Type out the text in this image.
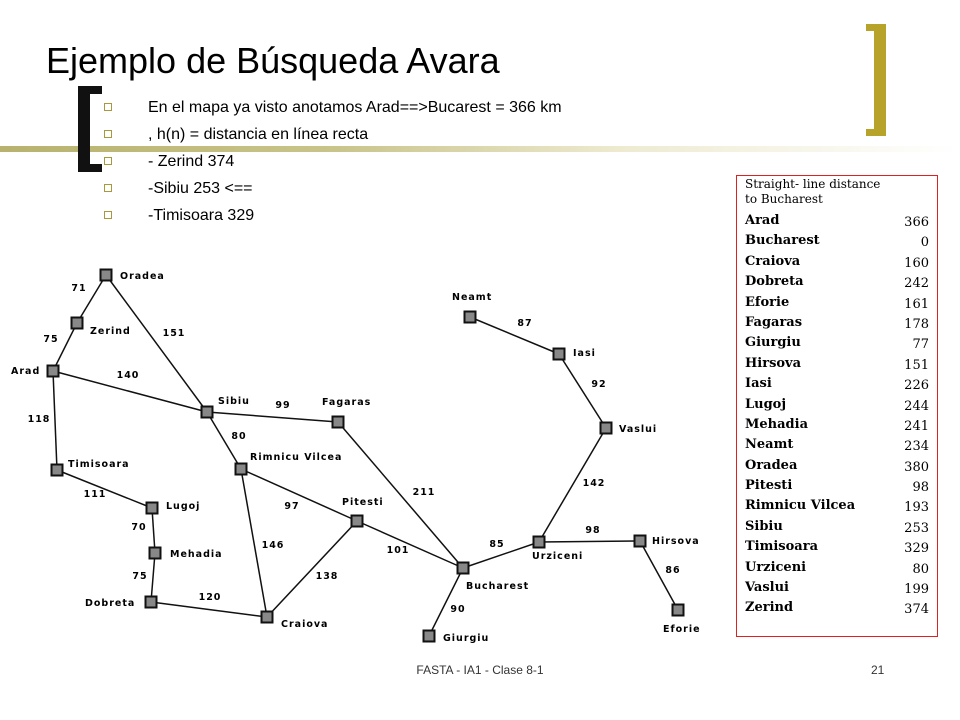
Ejemplo de Búsqueda Avara
En el mapa ya visto anotamos Arad==>Bucarest = 366 km
, h(n) = distancia en línea recta
- Zerind 374
-Sibiu 253 <==
-Timisoara 329
71
75
151
140
118
111
70
75
120
99
80
97
146
138
211
101
90
85
98
86
142
92
87
Oradea
Zerind
Arad
Sibiu	Fagaras
Timisoara
Rimnicu Vilcea
Lugoj	Pitesti
Mehadia
Dobreta
Craiova
Bucharest
Giurgiu
Urziceni
Hirsova
Eforie
Vaslui
Iasi
Neamt
Straight- line distance
to Bucharest
Arad	366
Bucharest	0
Craiova	160
Dobreta	242
Eforie	161
Fagaras	178
Giurgiu	77
Hirsova	151
Iasi	226
Lugoj	244
Mehadia	241
Neamt	234
Oradea	380
Pitesti	98
Rimnicu Vilcea	193
Sibiu	253
Timisoara	329
Urziceni	80
Vaslui	199
Zerind	374
FASTA - IA1 - Clase 8-1	21
